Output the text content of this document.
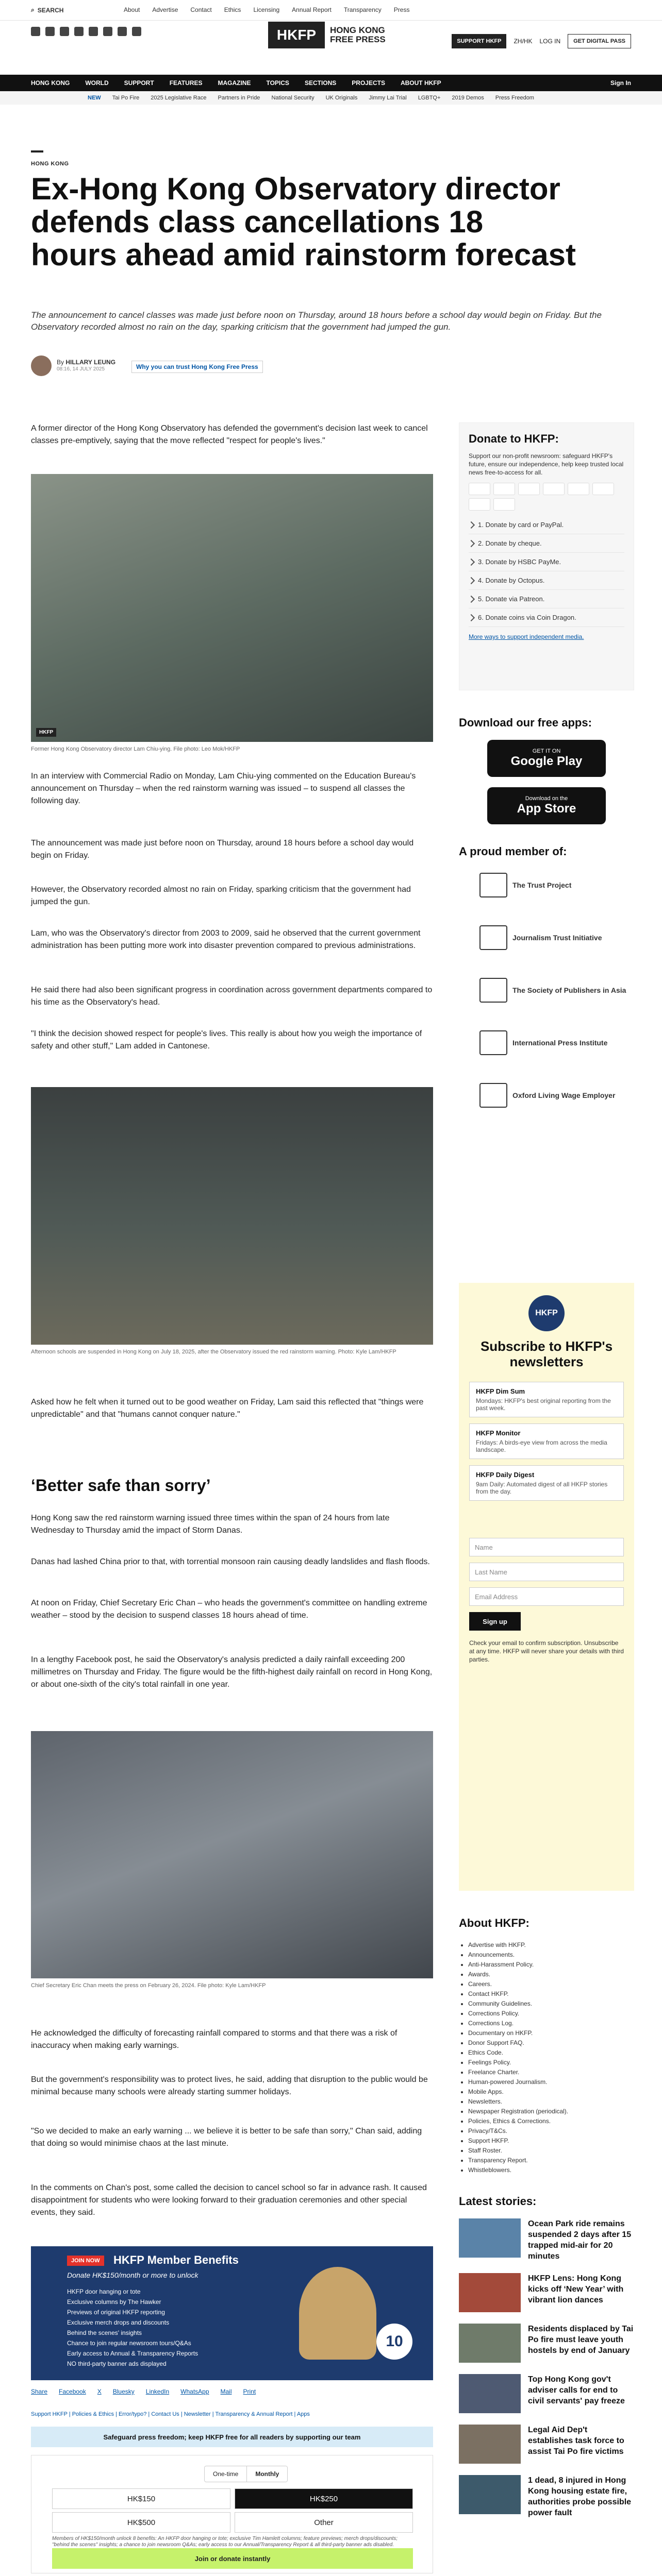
⌕ SEARCH	About Advertise Contact Ethics Licensing Annual Report Transparency Press
HKFP	HONG KONG
FREE PRESS	SUPPORT HKFP	ZH/HK LOG IN	GET DIGITAL PASS
HONG KONG	WORLD	SUPPORT	FEATURES	MAGAZINE	TOPICS	SECTIONS	PROJECTS	ABOUT HKFP	Sign In
NEW Tai Po Fire 2025 Legislative Race Partners in Pride National Security UK Originals Jimmy Lai Trial LGBTQ+ 2019 Demos Press Freedom
HONG KONG
Ex-Hong Kong Observatory director defends class cancellations 18 hours ahead amid rainstorm forecast

The announcement to cancel classes was made just before noon on Thursday, around 18 hours before a school day would begin on Friday. But the Observatory recorded almost no rain on the day, sparking criticism that the government had jumped the gun.

By HILLARY LEUNG
08:16, 14 JULY 2025	Why you can trust Hong Kong Free Press

A former director of the Hong Kong Observatory has defended the government's decision last week to cancel classes pre-emptively, saying that the move reflected "respect for people's lives."

HKFP

Former Hong Kong Observatory director Lam Chiu-ying. File photo: Leo Mok/HKFP

In an interview with Commercial Radio on Monday, Lam Chiu-ying commented on the Education Bureau's announcement on Thursday – when the red rainstorm warning was issued – to suspend all classes the following day.

The announcement was made just before noon on Thursday, around 18 hours before a school day would begin on Friday.

However, the Observatory recorded almost no rain on Friday, sparking criticism that the government had jumped the gun.

Lam, who was the Observatory's director from 2003 to 2009, said he observed that the current government administration has been putting more work into disaster prevention compared to previous administrations.

He said there had also been significant progress in coordination across government departments compared to his time as the Observatory's head.

"I think the decision showed respect for people's lives. This really is about how you weigh the importance of safety and other stuff," Lam added in Cantonese.

Afternoon schools are suspended in Hong Kong on July 18, 2025, after the Observatory issued the red rainstorm warning. Photo: Kyle Lam/HKFP

Asked how he felt when it turned out to be good weather on Friday, Lam said this reflected that "things were unpredictable" and that "humans cannot conquer nature."

‘Better safe than sorry’

Hong Kong saw the red rainstorm warning issued three times within the span of 24 hours from late Wednesday to Thursday amid the impact of Storm Danas.

Danas had lashed China prior to that, with torrential monsoon rain causing deadly landslides and flash floods.

At noon on Friday, Chief Secretary Eric Chan – who heads the government's committee on handling extreme weather – stood by the decision to suspend classes 18 hours ahead of time.

In a lengthy Facebook post, he said the Observatory's analysis predicted a daily rainfall exceeding 200 millimetres on Thursday and Friday. The figure would be the fifth-highest daily rainfall on record in Hong Kong, or about one-sixth of the city's total rainfall in one year.

Chief Secretary Eric Chan meets the press on February 26, 2024. File photo: Kyle Lam/HKFP

He acknowledged the difficulty of forecasting rainfall compared to storms and that there was a risk of inaccuracy when making early warnings.

But the government's responsibility was to protect lives, he said, adding that disruption to the public would be minimal because many schools were already starting summer holidays.

"So we decided to make an early warning ... we believe it is better to be safe than sorry," Chan said, adding that doing so would minimise chaos at the last minute.

In the comments on Chan's post, some called the decision to cancel school so far in advance rash. It caused disappointment for students who were looking forward to their graduation ceremonies and other special events, they said.

JOIN NOW	HKFP Member Benefits
Donate HK$150/month or more to unlock
HKFP door hanging or tote
Exclusive columns by The Hawker
Previews of original HKFP reporting
Exclusive merch drops and discounts
Behind the scenes' insights
Chance to join regular newsroom tours/Q&As
Early access to Annual & Transparency Reports
NO third-party banner ads displayed
10
Share Facebook X Bluesky LinkedIn WhatsApp Mail Print
Support HKFP | Policies & Ethics | Error/typo? | Contact Us | Newsletter | Transparency & Annual Report | Apps
Safeguard press freedom; keep HKFP free for all readers by supporting our team
One-time	Monthly
HK$150	HK$250
HK$500	Other
Members of HK$150/month unlock 8 benefits: An HKFP door hanging or tote; exclusive Tim Hamlett columns; feature previews; merch drops/discounts; "behind the scenes" insights; a chance to join newsroom Q&As; early access to our Annual/Transparency Report & all third-party banner ads disabled.
Join or donate instantly
Donate to HKFP:

Support our non-profit newsroom: safeguard HKFP's future, ensure our independence, help keep trusted local news free-to-access for all.

1. Donate by card or PayPal.
2. Donate by cheque.
3. Donate by HSBC PayMe.
4. Donate by Octopus.
5. Donate via Patreon.
6. Donate coins via Coin Dragon.
More ways to support independent media.
Download our free apps:
GET IT ON
Google Play
Download on the
App Store
A proud member of:
The Trust Project
Journalism Trust Initiative
The Society of Publishers in Asia
International Press Institute
Oxford Living Wage Employer
HKFP
Subscribe to HKFP's newsletters
HKFP Dim Sum
Mondays: HKFP's best original reporting from the past week.
HKFP Monitor
Fridays: A birds-eye view from across the media landscape.
HKFP Daily Digest
9am Daily: Automated digest of all HKFP stories from the day.
Name
Last Name
Email Address
Sign up

Check your email to confirm subscription. Unsubscribe at any time. HKFP will never share your details with third parties.

About HKFP:
• Advertise with HKFP.
• Announcements.
• Anti-Harassment Policy.
• Awards.
• Careers.
• Contact HKFP.
• Community Guidelines.
• Corrections Policy.
• Corrections Log.
• Documentary on HKFP.
• Donor Support FAQ.
• Ethics Code.
• Feelings Policy.
• Freelance Charter.
• Human-powered Journalism.
• Mobile Apps.
• Newsletters.
• Newspaper Registration (periodical).
• Policies, Ethics & Corrections.
• Privacy/T&Cs.
• Support HKFP.
• Staff Roster.
• Transparency Report.
• Whistleblowers.
Latest stories:
Ocean Park ride remains suspended 2 days after 15 trapped mid-air for 20 minutes
HKFP Lens: Hong Kong kicks off ‘New Year’ with vibrant lion dances
Residents displaced by Tai Po fire must leave youth hostels by end of January
Top Hong Kong gov't adviser calls for end to civil servants' pay freeze
Legal Aid Dep't establishes task force to assist Tai Po fire victims
1 dead, 8 injured in Hong Kong housing estate fire, authorities probe possible power fault
